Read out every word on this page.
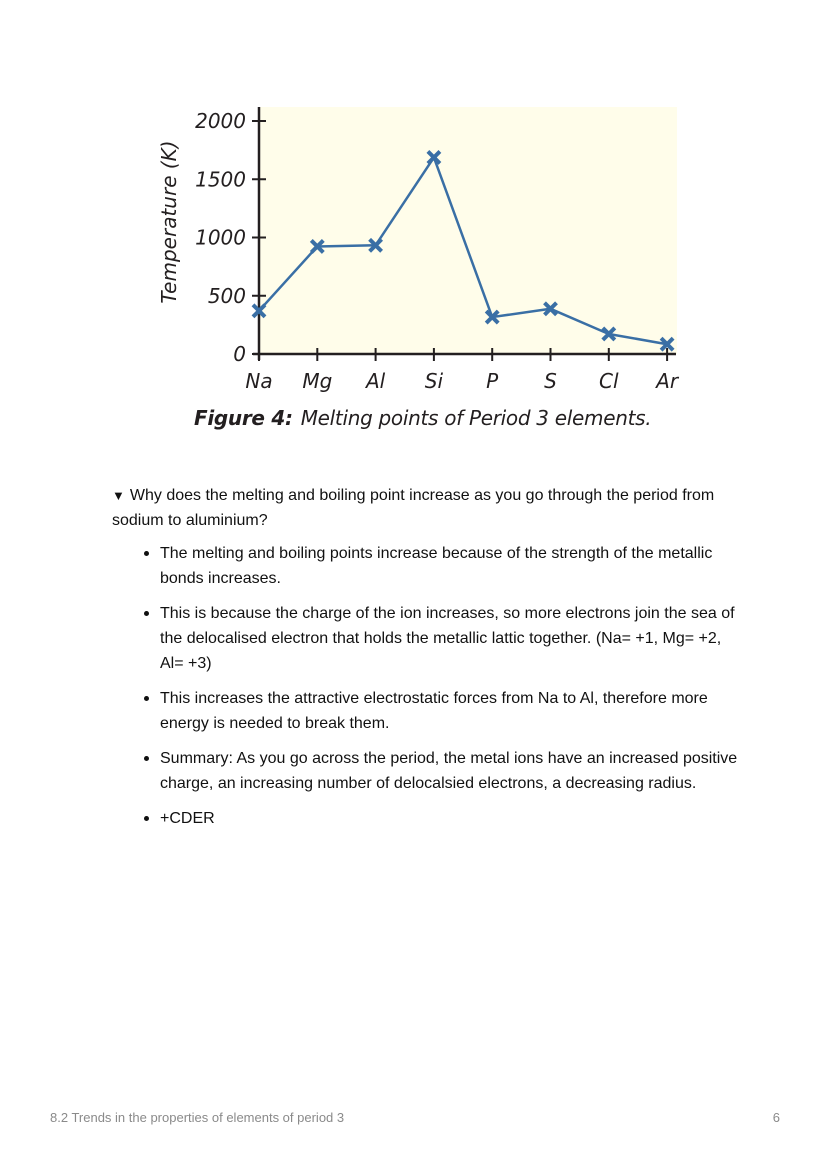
0
500
1000
1500
2000
Temperature (K)
Na Mg Al Si P S Cl Ar
Figure 4: Melting points of Period 3 elements.
▼ Why does the melting and boiling point increase as you go through the period from sodium to aluminium?
The melting and boiling points increase because of the strength of the metallic bonds increases.
This is because the charge of the ion increases, so more electrons join the sea of the delocalised electron that holds the metallic lattic together. (Na= +1, Mg= +2, Al= +3)
This increases the attractive electrostatic forces from Na to Al, therefore more energy is needed to break them.
Summary: As you go across the period, the metal ions have an increased positive charge, an increasing number of delocalsied electrons, a decreasing radius.
+CDER
8.2 Trends in the properties of elements of period 3	6
